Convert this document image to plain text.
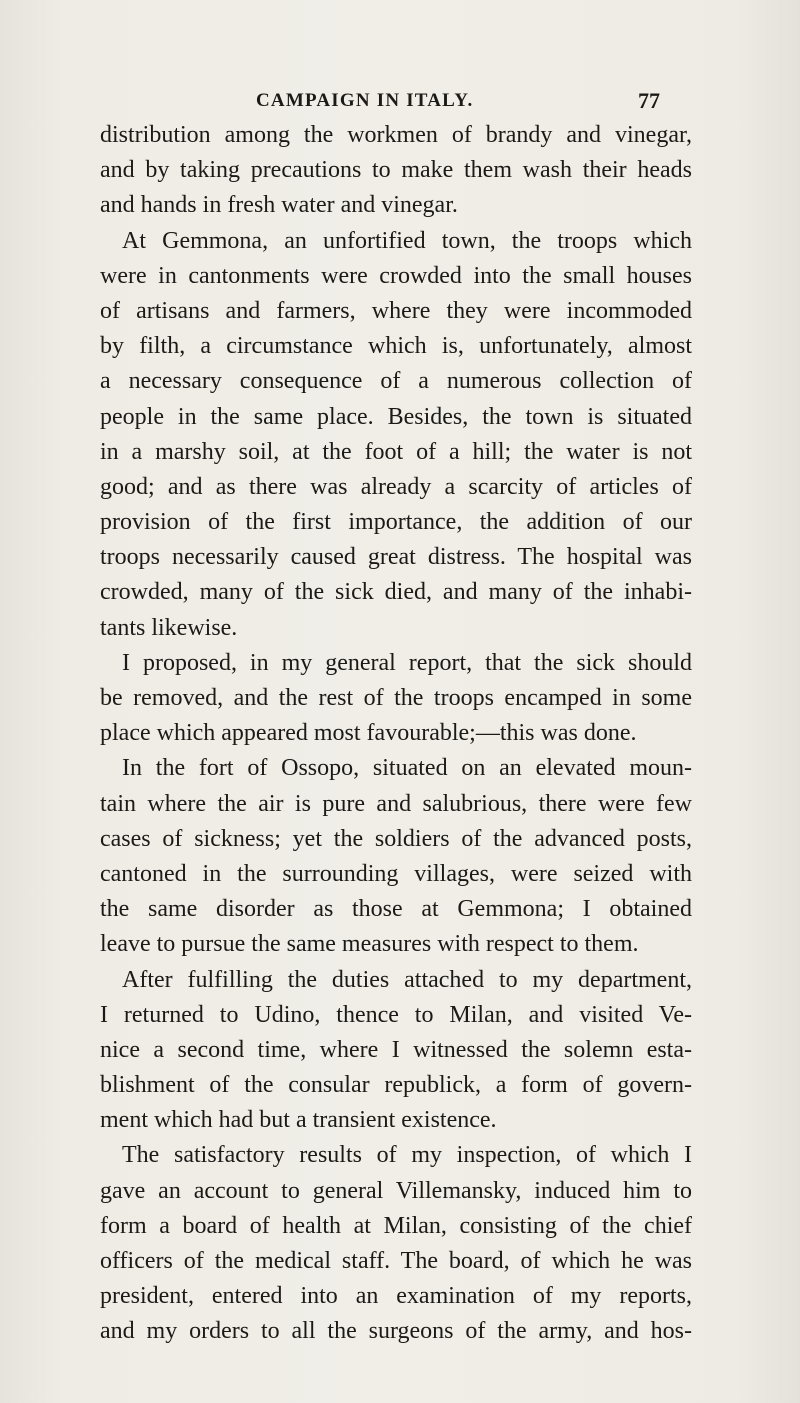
CAMPAIGN IN ITALY.	77
distribution among the workmen of brandy and vinegar,
and by taking precautions to make them wash their heads
and hands in fresh water and vinegar.
At Gemmona, an unfortified town, the troops which
were in cantonments were crowded into the small houses
of artisans and farmers, where they were incommoded
by filth, a circumstance which is, unfortunately, almost
a necessary consequence of a numerous collection of
people in the same place. Besides, the town is situated
in a marshy soil, at the foot of a hill; the water is not
good; and as there was already a scarcity of articles of
provision of the first importance, the addition of our
troops necessarily caused great distress. The hospital was
crowded, many of the sick died, and many of the inhabi-
tants likewise.
I proposed, in my general report, that the sick should
be removed, and the rest of the troops encamped in some
place which appeared most favourable;—this was done.
In the fort of Ossopo, situated on an elevated moun-
tain where the air is pure and salubrious, there were few
cases of sickness; yet the soldiers of the advanced posts,
cantoned in the surrounding villages, were seized with
the same disorder as those at Gemmona; I obtained
leave to pursue the same measures with respect to them.
After fulfilling the duties attached to my department,
I returned to Udino, thence to Milan, and visited Ve-
nice a second time, where I witnessed the solemn esta-
blishment of the consular republick, a form of govern-
ment which had but a transient existence.
The satisfactory results of my inspection, of which I
gave an account to general Villemansky, induced him to
form a board of health at Milan, consisting of the chief
officers of the medical staff. The board, of which he was
president, entered into an examination of my reports,
and my orders to all the surgeons of the army, and hos-
